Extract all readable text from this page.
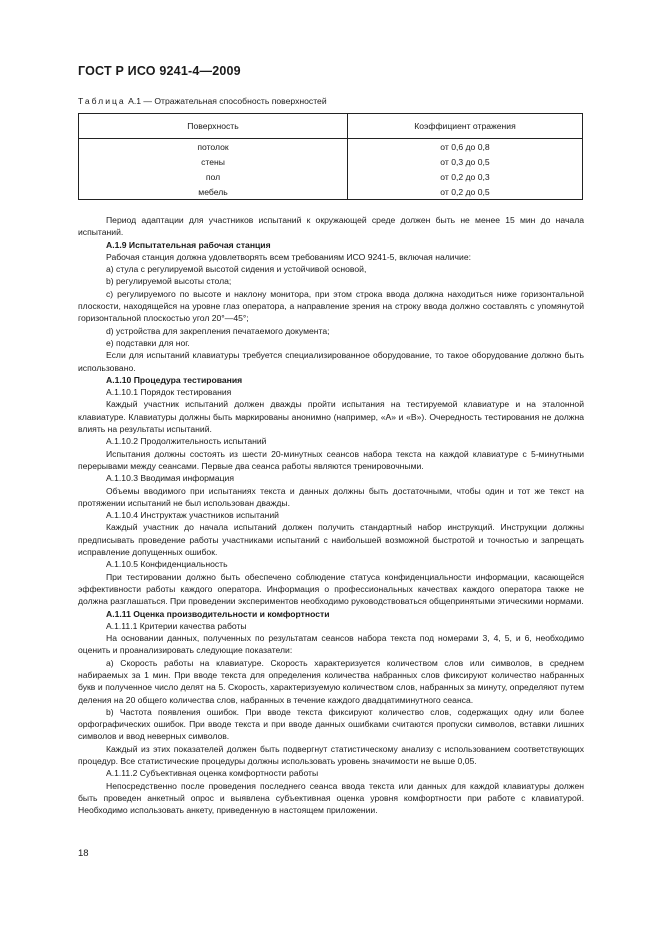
ГОСТ Р ИСО 9241-4—2009
Таблица А.1 — Отражательная способность поверхностей
Поверхность	Коэффициент отражения
потолок	от 0,6 до 0,8
стены	от 0,3 до 0,5
пол	от 0,2 до 0,3
мебель	от 0,2 до 0,5

Период адаптации для участников испытаний к окружающей среде должен быть не менее 15 мин до начала испытаний.

А.1.9 Испытательная рабочая станция

Рабочая станция должна удовлетворять всем требованиям ИСО 9241-5, включая наличие:

a) стула с регулируемой высотой сидения и устойчивой основой,

b) регулируемой высоты стола;

c) регулируемого по высоте и наклону монитора, при этом строка ввода должна находиться ниже горизонтальной плоскости, находящейся на уровне глаз оператора, а направление зрения на строку ввода должно составлять с упомянутой горизонтальной плоскостью угол 20°—45°;

d) устройства для закрепления печатаемого документа;

e) подставки для ног.

Если для испытаний клавиатуры требуется специализированное оборудование, то такое оборудование должно быть использовано.

А.1.10 Процедура тестирования

А.1.10.1 Порядок тестирования

Каждый участник испытаний должен дважды пройти испытания на тестируемой клавиатуре и на эталонной клавиатуре. Клавиатуры должны быть маркированы анонимно (например, «А» и «В»). Очередность тестирования не должна влиять на результаты испытаний.

А.1.10.2 Продолжительность испытаний

Испытания должны состоять из шести 20-минутных сеансов набора текста на каждой клавиатуре с 5-минутными перерывами между сеансами. Первые два сеанса работы являются тренировочными.

А.1.10.3 Вводимая информация

Объемы вводимого при испытаниях текста и данных должны быть достаточными, чтобы один и тот же текст на протяжении испытаний не был использован дважды.

А.1.10.4 Инструктаж участников испытаний

Каждый участник до начала испытаний должен получить стандартный набор инструкций. Инструкции должны предписывать проведение работы участниками испытаний с наибольшей возможной быстротой и точностью и запрещать исправление допущенных ошибок.

А.1.10.5 Конфиденциальность

При тестировании должно быть обеспечено соблюдение статуса конфиденциальности информации, касающейся эффективности работы каждого оператора. Информация о профессиональных качествах каждого оператора также не должна разглашаться. При проведении экспериментов необходимо руководствоваться общепринятыми этическими нормами.

А.1.11 Оценка производительности и комфортности

А.1.11.1 Критерии качества работы

На основании данных, полученных по результатам сеансов набора текста под номерами 3, 4, 5, и 6, необходимо оценить и проанализировать следующие показатели:

a) Скорость работы на клавиатуре. Скорость характеризуется количеством слов или символов, в среднем набираемых за 1 мин. При вводе текста для определения количества набранных слов фиксируют количество набранных букв и полученное число делят на 5. Скорость, характеризуемую количеством слов, набранных за минуту, определяют путем деления на 20 общего количества слов, набранных в течение каждого двадцатиминутного сеанса.

b) Частота появления ошибок. При вводе текста фиксируют количество слов, содержащих одну или более орфографических ошибок. При вводе текста и при вводе данных ошибками считаются пропуски символов, вставки лишних символов и ввод неверных символов.

Каждый из этих показателей должен быть подвергнут статистическому анализу с использованием соответствующих процедур. Все статистические процедуры должны использовать уровень значимости не выше 0,05.

А.1.11.2 Субъективная оценка комфортности работы

Непосредственно после проведения последнего сеанса ввода текста или данных для каждой клавиатуры должен быть проведен анкетный опрос и выявлена субъективная оценка уровня комфортности при работе с клавиатурой. Необходимо использовать анкету, приведенную в настоящем приложении.

18
